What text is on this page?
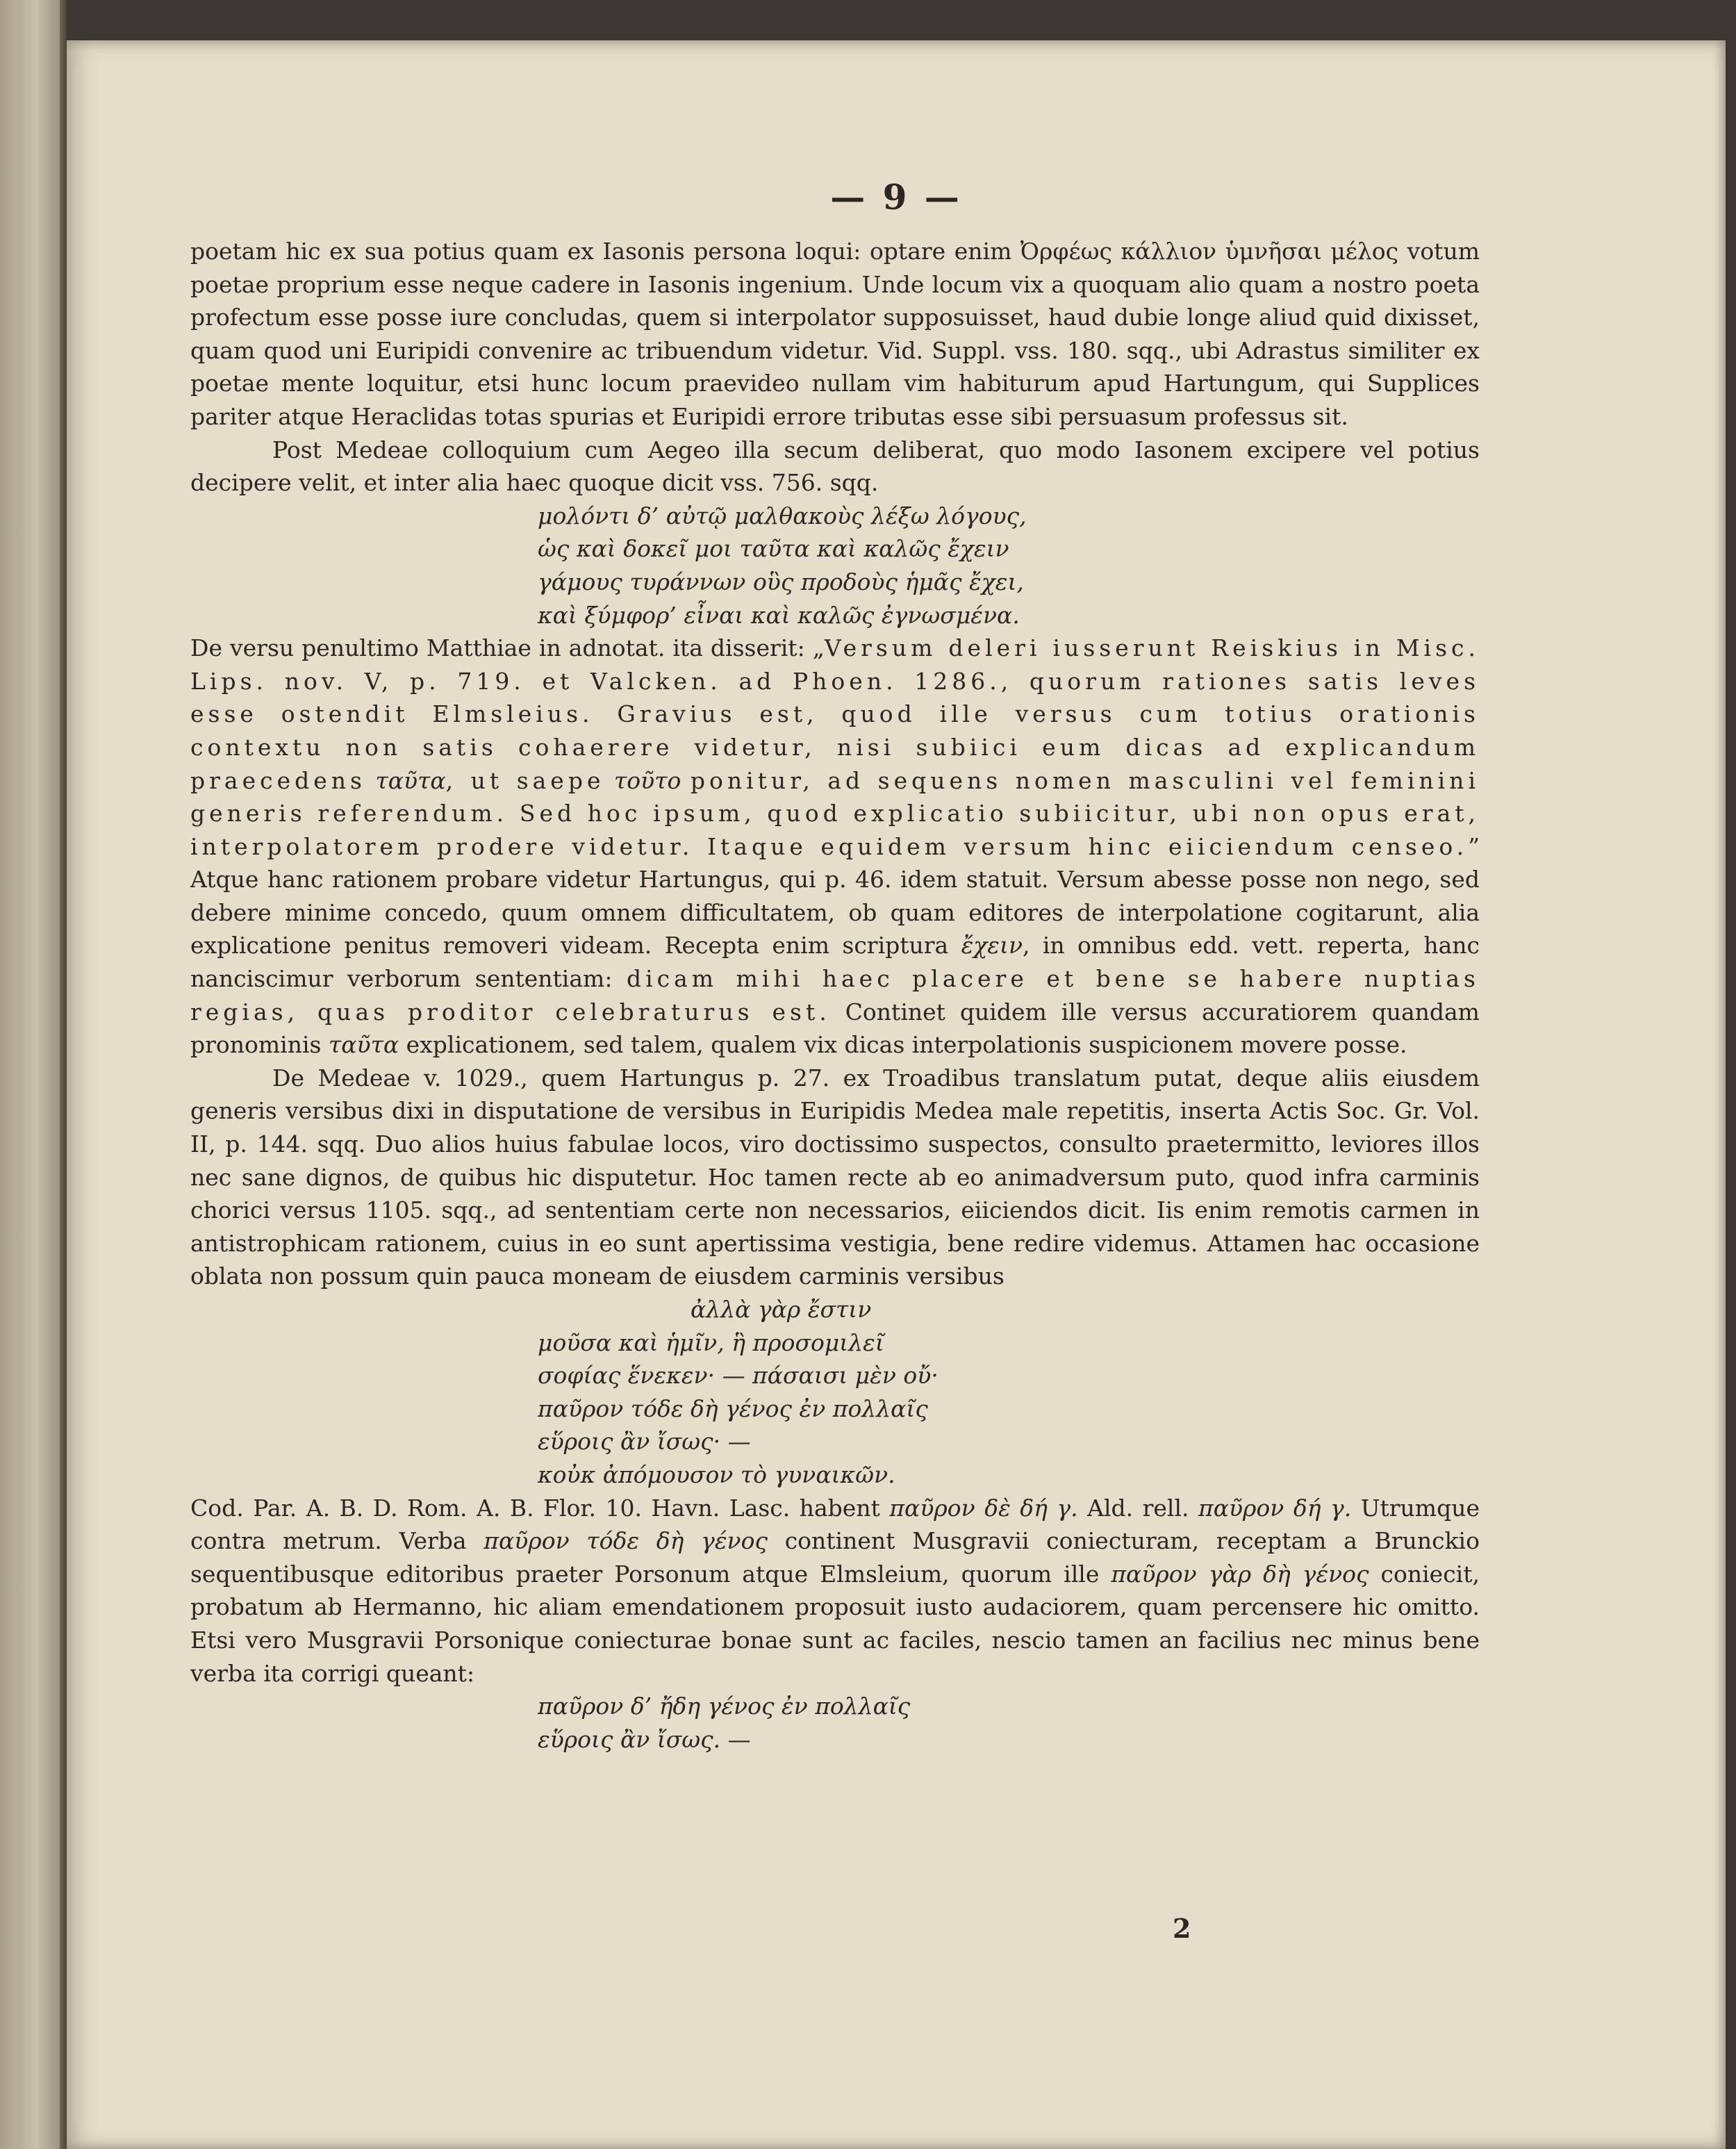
— 9 —

poetam hic ex sua potius quam ex Iasonis persona loqui: optare enim Ὀρφέως κάλλιον ὑμνῆσαι μέλος votum poetae proprium esse neque cadere in Iasonis ingenium. Unde locum vix a quoquam alio quam a nostro poeta profectum esse posse iure concludas, quem si interpolator supposuisset, haud dubie longe aliud quid dixisset, quam quod uni Euripidi convenire ac tribuendum videtur. Vid. Suppl. vss. 180. sqq., ubi Adrastus similiter ex poetae mente loquitur, etsi hunc locum praevideo nullam vim habiturum apud Hartungum, qui Supplices pariter atque Heraclidas totas spurias et Euripidi errore tributas esse sibi persuasum professus sit.

Post Medeae colloquium cum Aegeo illa secum deliberat, quo modo Iasonem excipere vel potius decipere velit, et inter alia haec quoque dicit vss. 756. sqq.

μολόντι δ’ αὐτῷ μαλθακοὺς λέξω λόγους,
ὡς καὶ δοκεῖ μοι ταῦτα καὶ καλῶς ἔχειν
γάμους τυράννων οὓς προδοὺς ἡμᾶς ἔχει,
καὶ ξύμφορ’ εἶναι καὶ καλῶς ἐγνωσμένα.

De versu penultimo Matthiae in adnotat. ita disserit: „Versum deleri iusserunt Reiskius in Misc. Lips. nov. V, p. 719. et Valcken. ad Phoen. 1286., quorum rationes satis leves esse ostendit Elmsleius. Gravius est, quod ille versus cum totius orationis contextu non satis cohaerere videtur, nisi subiici eum dicas ad explicandum praecedens ταῦτα, ut saepe τοῦτο ponitur, ad sequens nomen masculini vel feminini generis referendum. Sed hoc ipsum, quod explicatio subiicitur, ubi non opus erat, interpolatorem prodere videtur. Itaque equidem versum hinc eiiciendum censeo.” Atque hanc rationem probare videtur Hartungus, qui p. 46. idem statuit. Versum abesse posse non nego, sed debere minime concedo, quum omnem difficultatem, ob quam editores de interpolatione cogitarunt, alia explicatione penitus removeri videam. Recepta enim scriptura ἔχειν, in omnibus edd. vett. reperta, hanc nanciscimur verborum sententiam: dicam mihi haec placere et bene se habere nuptias regias, quas proditor celebraturus est. Continet quidem ille versus accuratiorem quandam pronominis ταῦτα explicationem, sed talem, qualem vix dicas interpolationis suspicionem movere posse.

De Medeae v. 1029., quem Hartungus p. 27. ex Troadibus translatum putat, deque aliis eiusdem generis versibus dixi in disputatione de versibus in Euripidis Medea male repetitis, inserta Actis Soc. Gr. Vol. II, p. 144. sqq. Duo alios huius fabulae locos, viro doctissimo suspectos, consulto praetermitto, leviores illos nec sane dignos, de quibus hic disputetur. Hoc tamen recte ab eo animadversum puto, quod infra carminis chorici versus 1105. sqq., ad sententiam certe non necessarios, eiiciendos dicit. Iis enim remotis carmen in antistrophicam rationem, cuius in eo sunt apertissima vestigia, bene redire videmus. Attamen hac occasione oblata non possum quin pauca moneam de eiusdem carminis versibus

ἀλλὰ γὰρ ἔστιν
μοῦσα καὶ ἡμῖν, ἣ προσομιλεῖ
σοφίας ἕνεκεν· — πάσαισι μὲν οὔ·
παῦρον τόδε δὴ γένος ἐν πολλαῖς
εὕροις ἂν ἴσως· —
κοὐκ ἀπόμουσον τὸ γυναικῶν.

Cod. Par. A. B. D. Rom. A. B. Flor. 10. Havn. Lasc. habent παῦρον δὲ δή γ. Ald. rell. παῦρον δή γ. Utrumque contra metrum. Verba παῦρον τόδε δὴ γένος continent Musgravii coniecturam, receptam a Brunckio sequentibusque editoribus praeter Porsonum atque Elmsleium, quorum ille παῦρον γὰρ δὴ γένος coniecit, probatum ab Hermanno, hic aliam emendationem proposuit iusto audaciorem, quam percensere hic omitto. Etsi vero Musgravii Porsonique coniecturae bonae sunt ac faciles, nescio tamen an facilius nec minus bene verba ita corrigi queant:

παῦρον δ’ ἤδη γένος ἐν πολλαῖς
εὕροις ἂν ἴσως. —
2
